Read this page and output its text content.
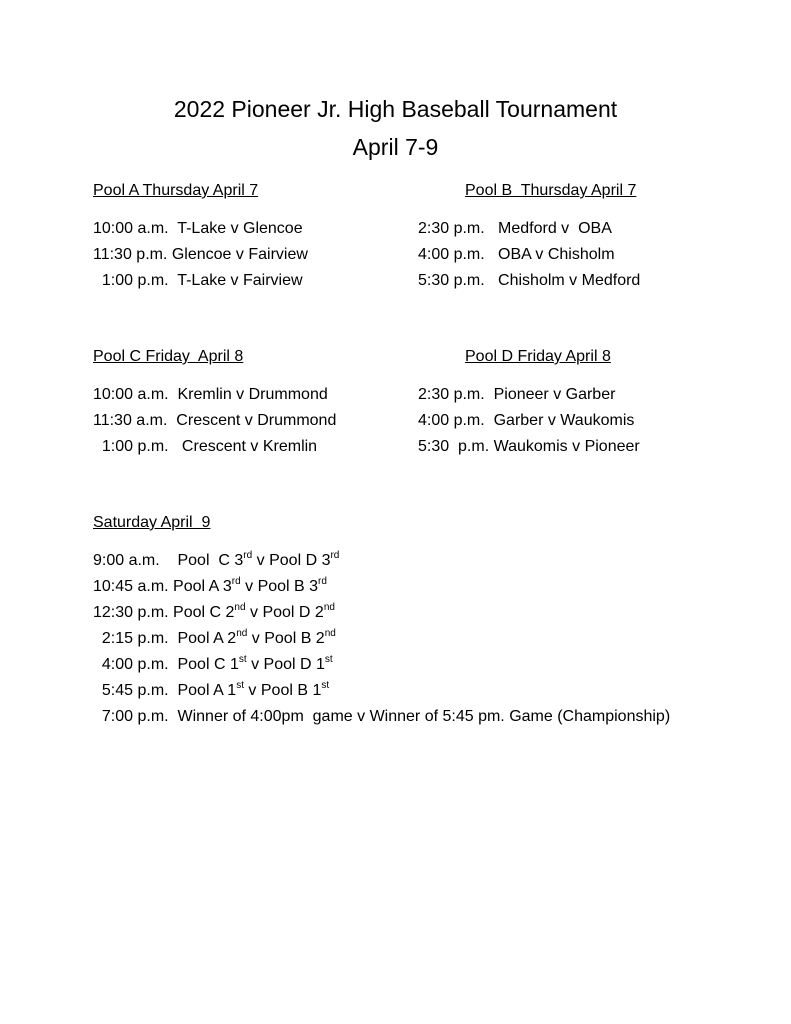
2022 Pioneer Jr. High Baseball Tournament
April 7-9
Pool A Thursday April 7
10:00 a.m.  T-Lake v Glencoe
11:30 p.m. Glencoe v Fairview
1:00 p.m.  T-Lake v Fairview
Pool B  Thursday April 7
2:30 p.m.   Medford v  OBA
4:00 p.m.   OBA v Chisholm
5:30 p.m.   Chisholm v Medford
Pool C Friday  April 8
10:00 a.m.  Kremlin v Drummond
11:30 a.m.  Crescent v Drummond
1:00 p.m.   Crescent v Kremlin
Pool D Friday April 8
2:30 p.m.  Pioneer v Garber
4:00 p.m.  Garber v Waukomis
5:30  p.m. Waukomis v Pioneer
Saturday April  9
9:00 a.m.    Pool  C 3rd v Pool D 3rd
10:45 a.m. Pool A 3rd v Pool B 3rd
12:30 p.m. Pool C 2nd v Pool D 2nd
2:15 p.m.  Pool A 2nd v Pool B 2nd
4:00 p.m.  Pool C 1st v Pool D 1st
5:45 p.m.  Pool A 1st v Pool B 1st
7:00 p.m.  Winner of 4:00pm  game v Winner of 5:45 pm. Game (Championship)
